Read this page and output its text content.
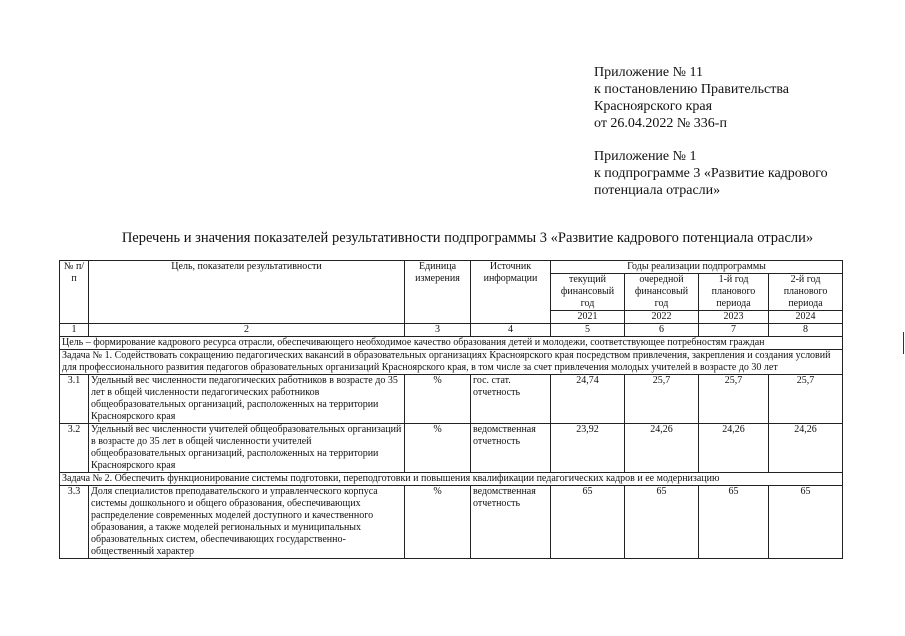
Приложение № 11
к постановлению Правительства
Красноярского края
от 26.04.2022 № 336-п
Приложение № 1
к подпрограмме 3 «Развитие кадрового
потенциала отрасли»
Перечень и значения показателей результативности подпрограммы 3 «Развитие кадрового потенциала отрасли»
№ п/п	Цель, показатели результативности	Единица измерения	Источник информации	Годы реализации подпрограммы			
				текущий финансовый год	очередной финансовый год	1-й год планового периода	2-й год планового периода
				2021	2022	2023	2024
1	2	3	4	5	6	7	8
Цель – формирование кадрового ресурса отрасли, обеспечивающего необходимое качество образования детей и молодежи, соответствующее потребностям граждан							
Задача № 1. Содействовать сокращению педагогических вакансий в образовательных организациях Красноярского края посредством привлечения, закрепления и создания условий для профессионального развития педагогов образовательных организаций Красноярского края, в том числе за счет привлечения молодых учителей в возрасте до 30 лет							
3.1	Удельный вес численности педагогических работников в возрасте до 35 лет в общей численности педагогических работников общеобразовательных организаций, расположенных на территории Красноярского края	%	гос. стат. отчетность	24,74	25,7	25,7	25,7
3.2	Удельный вес численности учителей общеобразовательных организаций в возрасте до 35 лет в общей численности учителей общеобразовательных организаций, расположенных на территории Красноярского края	%	ведомственная отчетность	23,92	24,26	24,26	24,26
Задача № 2. Обеспечить функционирование системы подготовки, переподготовки и повышения квалификации педагогических кадров и ее модернизацию							
3.3	Доля специалистов преподавательского и управленческого корпуса системы дошкольного и общего образования, обеспечивающих распределение современных моделей доступного и качественного образования, а также моделей региональных и муниципальных образовательных систем, обеспечивающих государственно-общественный характер	%	ведомственная отчетность	65	65	65	65
